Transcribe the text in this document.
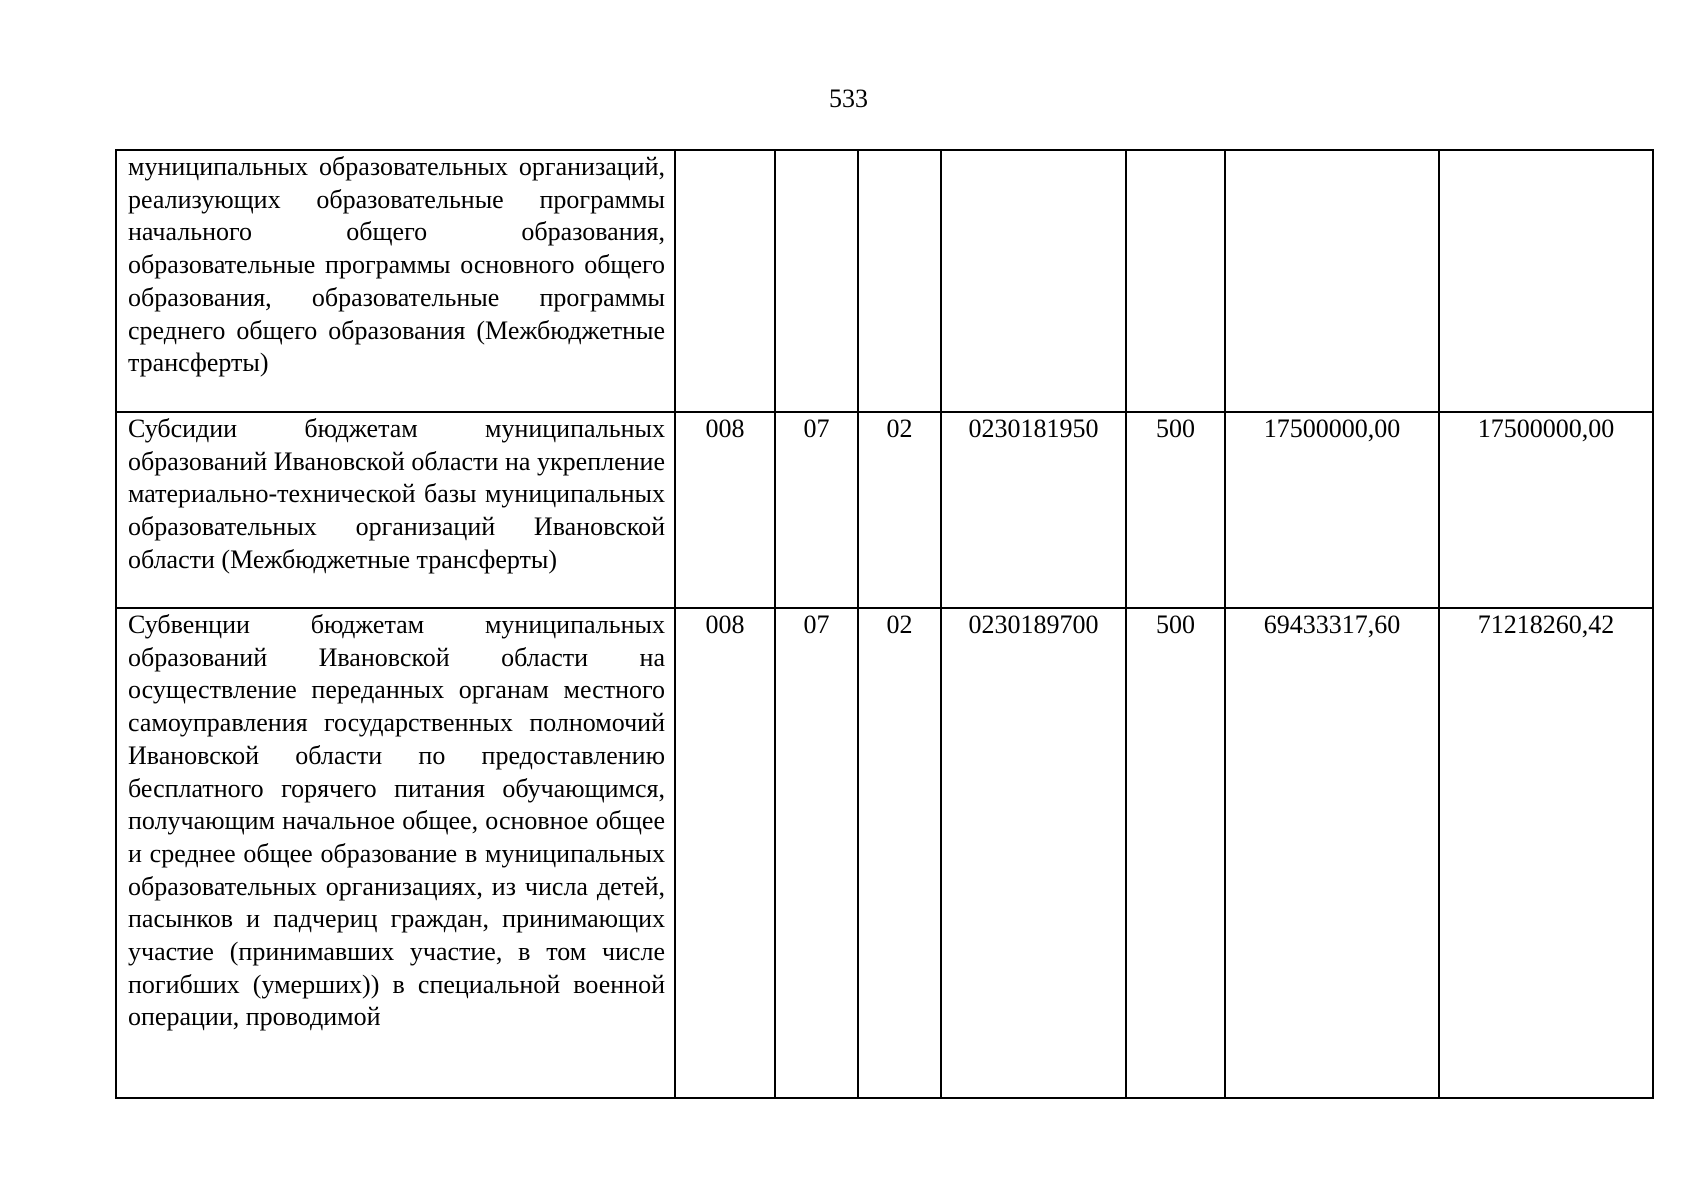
533
муниципальных образовательных организаций, реализующих образовательные программы начального общего образования, образовательные программы основного общего образования, образовательные программы среднего общего образования (Межбюджетные трансферты)							
Субсидии бюджетам муниципальных образований Ивановской области на укрепление материально-технической базы муниципальных образовательных организаций Ивановской области (Межбюджетные трансферты)	008	07	02	0230181950	500	17500000,00	17500000,00
Субвенции бюджетам муниципальных образований Ивановской области на осуществление переданных органам местного самоуправления государственных полномочий Ивановской области по предоставлению бесплатного горячего питания обучающимся, получающим начальное общее, основное общее и среднее общее образование в муниципальных образовательных организациях, из числа детей, пасынков и падчериц граждан, принимающих участие (принимавших участие, в том числе погибших (умерших)) в специальной военной операции, проводимой	008	07	02	0230189700	500	69433317,60	71218260,42
